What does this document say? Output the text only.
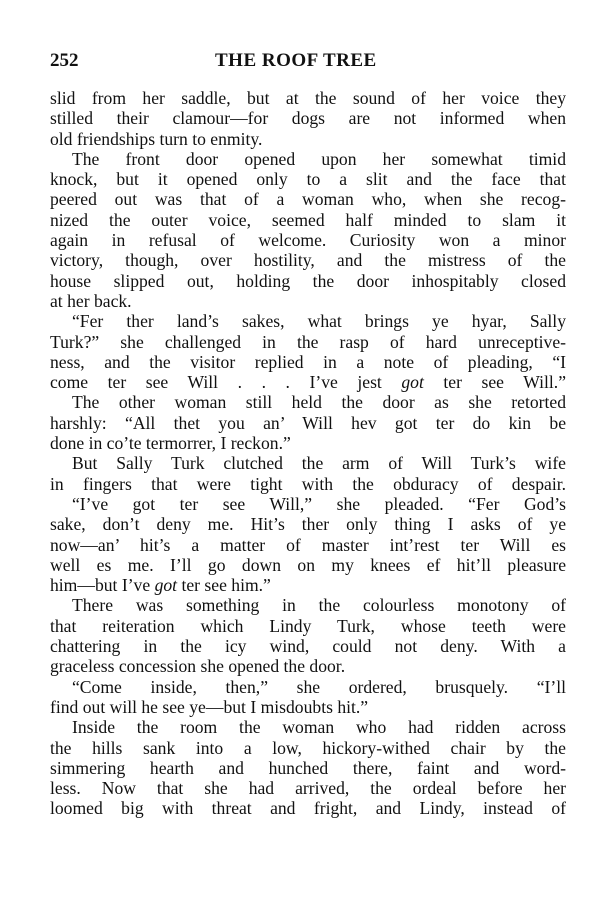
252	THE ROOF TREE
slid from her saddle, but at the sound of her voice they
stilled their clamour—for dogs are not informed when
old friendships turn to enmity.
The front door opened upon her somewhat timid
knock, but it opened only to a slit and the face that
peered out was that of a woman who, when she recog-
nized the outer voice, seemed half minded to slam it
again in refusal of welcome. Curiosity won a minor
victory, though, over hostility, and the mistress of the
house slipped out, holding the door inhospitably closed
at her back.
“Fer ther land’s sakes, what brings ye hyar, Sally
Turk?” she challenged in the rasp of hard unreceptive-
ness, and the visitor replied in a note of pleading, “I
come ter see Will . . . I’ve jest got ter see Will.”
The other woman still held the door as she retorted
harshly: “All thet you an’ Will hev got ter do kin be
done in co’te termorrer, I reckon.”
But Sally Turk clutched the arm of Will Turk’s wife
in fingers that were tight with the obduracy of despair.
“I’ve got ter see Will,” she pleaded. “Fer God’s
sake, don’t deny me. Hit’s ther only thing I asks of ye
now—an’ hit’s a matter of master int’rest ter Will es
well es me. I’ll go down on my knees ef hit’ll pleasure
him—but I’ve got ter see him.”
There was something in the colourless monotony of
that reiteration which Lindy Turk, whose teeth were
chattering in the icy wind, could not deny. With a
graceless concession she opened the door.
“Come inside, then,” she ordered, brusquely. “I’ll
find out will he see ye—but I misdoubts hit.”
Inside the room the woman who had ridden across
the hills sank into a low, hickory-withed chair by the
simmering hearth and hunched there, faint and word-
less. Now that she had arrived, the ordeal before her
loomed big with threat and fright, and Lindy, instead of
